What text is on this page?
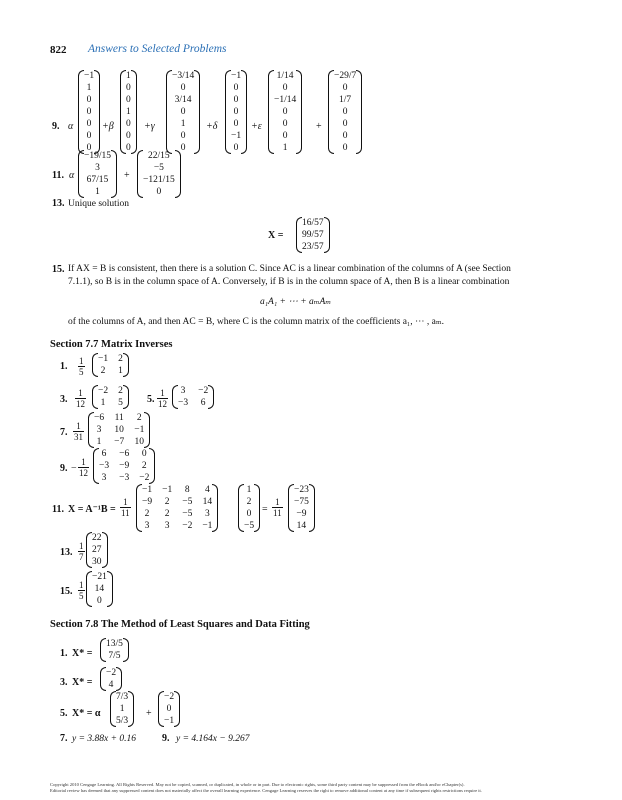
822 Answers to Selected Problems
9. α
−1
1
0
0
0
0
0
+β
1
0
0
1
0
0
0
+γ
−3/14
0
3/14
0
1
0
0
+δ
−1
0
0
0
0
−1
0
+ε
1/14
0
−1/14
0
0
0
1
+
−29/7
0
1/7
0
0
0
0
11. α
−19/15
3
67/15
1
+
22/15
−5
−121/15
0
13. Unique solution
X =
16/57
99/57
23/57
15. If AX = B is consistent, then there is a solution C. Since AC is a linear combination of the columns of A (see Section
7.1.1), so B is in the column space of A. Conversely, if B is in the column space of A, then B is a linear combination
a₁A₁ + ⋯ + aₘAₘ
of the columns of A, and then AC = B, where C is the column matrix of the coefficients a₁, ⋯ , aₘ.
Section 7.7 Matrix Inverses
1. $\frac{1}{5} -1$ 2
2 1
3. $\frac{1}{12} -2$ 2
1 5 5. $\frac{1}{12} 3 -2$
−3 6
7. $\frac{1}{31}$
−6 11 2
3 10 −1
1 −7 10
9. − $\frac{1}{12}$
6 −6 0
−3 −9 2
3 −3 −2
11. $X = A^{-1}B = \frac{1}{11}$
−1 −1 8 4
−9 2 −5 14
2 2 −5 3
3 3 −2 −1
1
2
0
−5
= $\frac{1}{11}$
−23
−75
−9
14
13. $\frac{1}{7}$
22
27
30
15. $\frac{1}{5}$
−21
14
0
Section 7.8 The Method of Least Squares and Data Fitting
1. X* =
13/5
7/5
3. X* =
−2
4
5. X* = α
7/3
1
5/3
+
−2
0
−1
7. y = 3.88x + 0.16	9. y = 4.164x − 9.267
Copyright 2010 Cengage Learning. All Rights Reserved. May not be copied, scanned, or duplicated, in whole or in part. Due to electronic rights, some third party content may be suppressed from the eBook and/or eChapter(s).
Editorial review has deemed that any suppressed content does not materially affect the overall learning experience. Cengage Learning reserves the right to remove additional content at any time if subsequent rights restrictions require it.
